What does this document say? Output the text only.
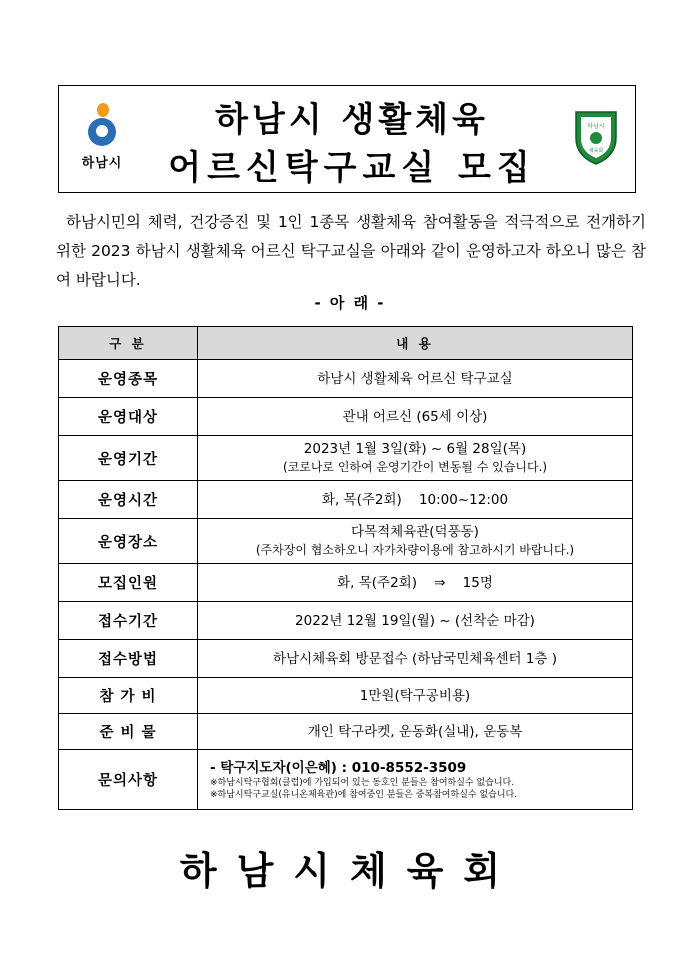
하남시
하남시 생활체육
어르신탁구교실 모집
하남시
체육회
하남시민의 체력, 건강증진 및 1인 1종목 생활체육 참여활동을 적극적으로 전개하기 위한 2023 하남시 생활체육 어르신 탁구교실을 아래와 같이 운영하고자 하오니 많은 참여 바랍니다.
- 아 래 -
구 분	내 용
운영종목	하남시 생활체육 어르신 탁구교실
운영대상	관내 어르신 (65세 이상)
운영기간	2023년 1월 3일(화) ~ 6월 28일(목)
(코로나로 인하여 운영기간이 변동될 수 있습니다.)

운영시간	화, 목(주2회)    10:00~12:00
운영장소	다목적체육관(덕풍동)
(주차장이 협소하오니 자가차량이용에 참고하시기 바랍니다.)

모집인원	화, 목(주2회)    ⇒    15명
접수기간	2022년 12월 19일(월) ~ (선착순 마감)
접수방법	하남시체육회 방문접수 (하남국민체육센터 1층 )
참 가 비	1만원(탁구공비용)
준 비 물	개인 탁구라켓, 운동화(실내), 운동복
문의사항	- 탁구지도자(이은혜) : 010-8552-3509
※하남시탁구협회(클럽)에 가입되어 있는 동호인 분들은 참여하실수 없습니다.
※하남시탁구교실(유니온체육관)에 참여중인 분들은 중복참여하실수 없습니다.
하남시체육회
